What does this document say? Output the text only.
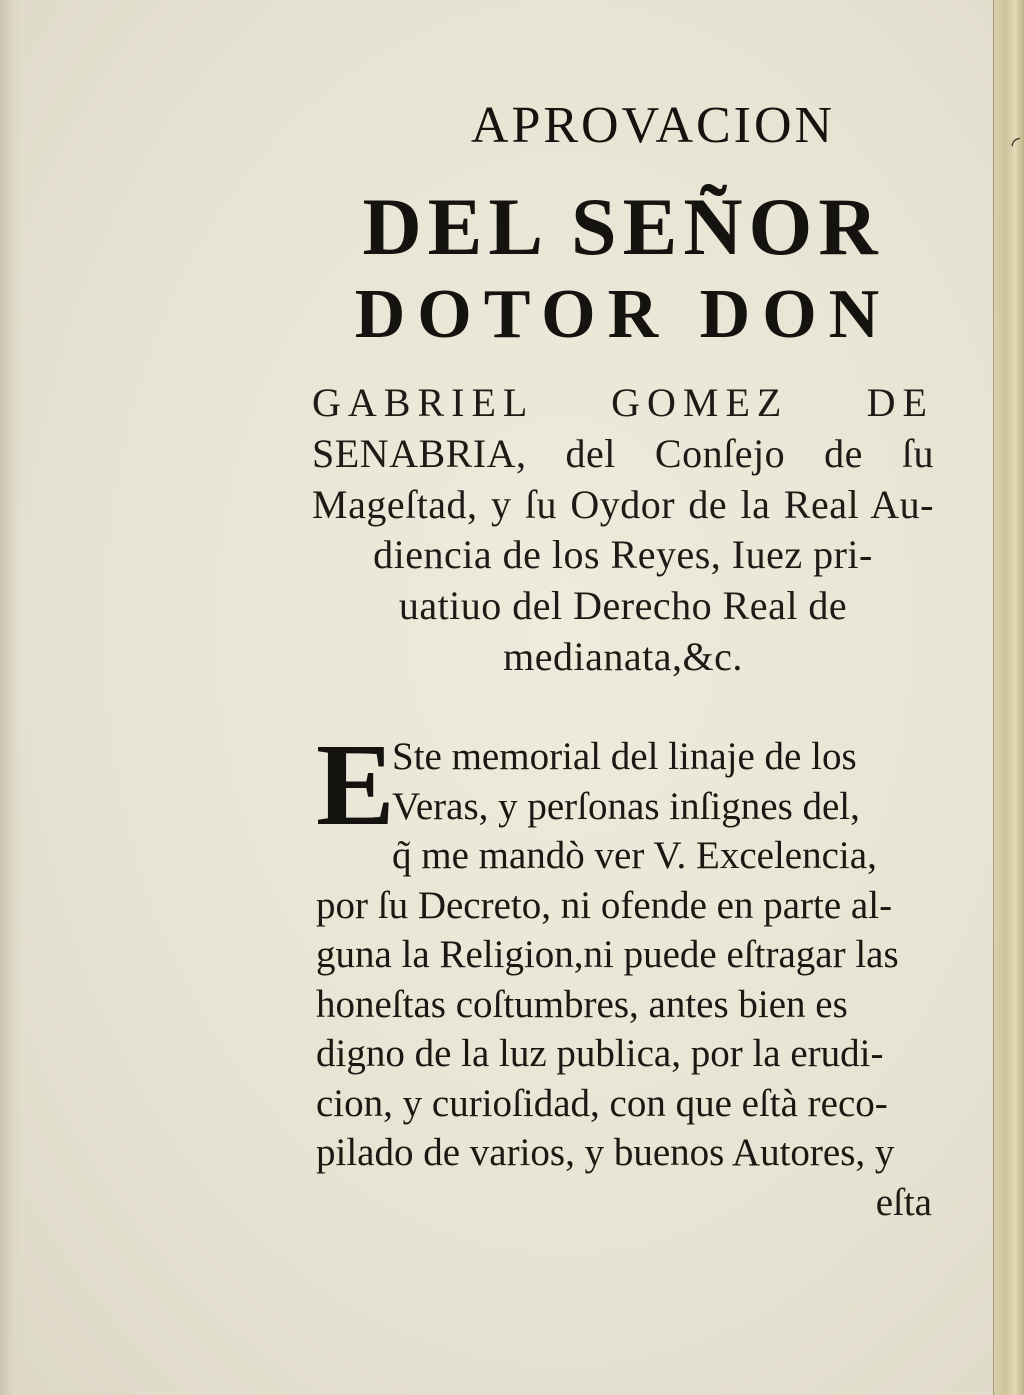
◜
APROVACION
DEL SEÑOR
DOTOR DON
GABRIEL GOMEZ DE
SENABRIA, del Conſejo de ſu
Mageſtad, y ſu Oydor de la Real Au-
diencia de los Reyes, Iuez pri-
uatiuo del Derecho Real de
medianata,&c.
E
Ste memorial del linaje de los
Veras, y perſonas inſignes del,
q̃ me mandò ver V. Excelencia,
por ſu Decreto, ni ofende en parte al-
guna la Religion,ni puede eſtragar las
honeſtas coſtumbres, antes bien es
digno de la luz publica, por la erudi-
cion, y curioſidad, con que eſtà reco-
pilado de varios, y buenos Autores, y
eſta
